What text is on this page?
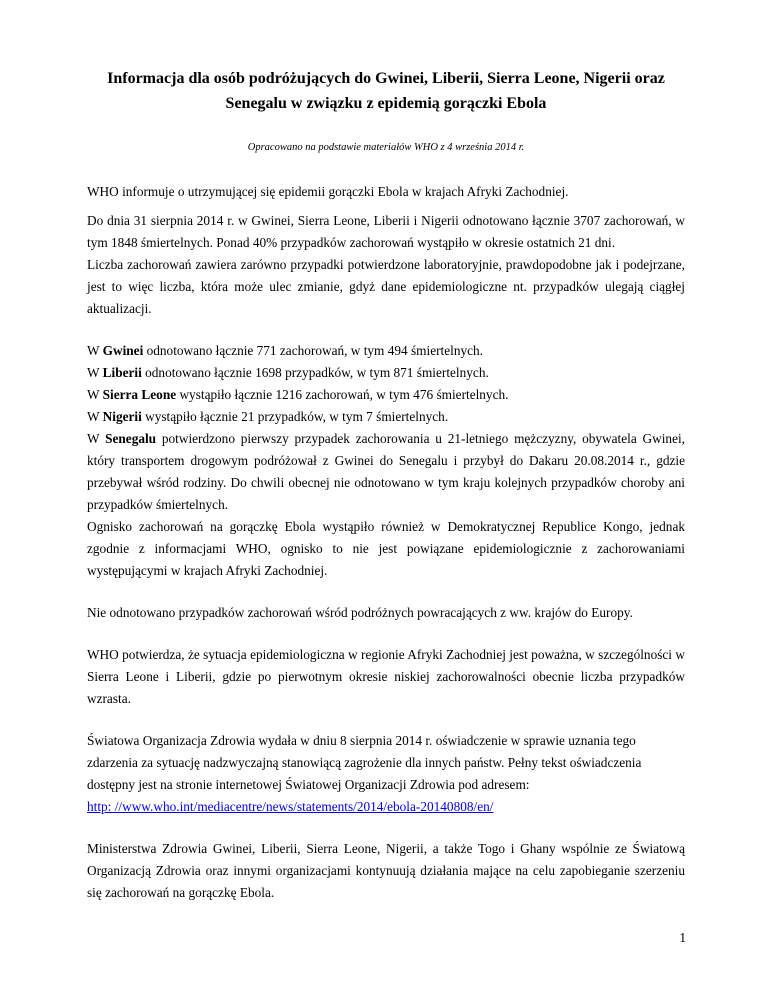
Informacja dla osób podróżujących do Gwinei, Liberii, Sierra Leone, Nigerii oraz
Senegalu w związku z epidemią gorączki Ebola

Opracowano na podstawie materiałów WHO z 4 września 2014 r.

WHO informuje o utrzymującej się epidemii gorączki Ebola w krajach Afryki Zachodniej.

Do dnia 31 sierpnia 2014 r. w Gwinei, Sierra Leone, Liberii i Nigerii odnotowano łącznie 3707 zachorowań, w tym 1848 śmiertelnych. Ponad 40% przypadków zachorowań wystąpiło w okresie ostatnich 21 dni.

Liczba zachorowań zawiera zarówno przypadki potwierdzone laboratoryjnie, prawdopodobne jak i podejrzane, jest to więc liczba, która może ulec zmianie, gdyż dane epidemiologiczne nt. przypadków ulegają ciągłej aktualizacji.

W Gwinei odnotowano łącznie 771 zachorowań, w tym 494 śmiertelnych.

W Liberii odnotowano łącznie 1698 przypadków, w tym 871 śmiertelnych.

W Sierra Leone wystąpiło łącznie 1216 zachorowań, w tym 476 śmiertelnych.

W Nigerii wystąpiło łącznie 21 przypadków, w tym 7 śmiertelnych.

W Senegalu potwierdzono pierwszy przypadek zachorowania u 21-letniego mężczyzny, obywatela Gwinei, który transportem drogowym podróżował z Gwinei do Senegalu i przybył do Dakaru 20.08.2014 r., gdzie przebywał wśród rodziny. Do chwili obecnej nie odnotowano w tym kraju kolejnych przypadków choroby ani przypadków śmiertelnych.

Ognisko zachorowań na gorączkę Ebola wystąpiło również w Demokratycznej Republice Kongo, jednak zgodnie z informacjami WHO, ognisko to nie jest powiązane epidemiologicznie z zachorowaniami występującymi w krajach Afryki Zachodniej.

Nie odnotowano przypadków zachorowań wśród podróżnych powracających z ww. krajów do Europy.

WHO potwierdza, że sytuacja epidemiologiczna w regionie Afryki Zachodniej jest poważna, w szczególności w Sierra Leone i Liberii, gdzie po pierwotnym okresie niskiej zachorowalności obecnie liczba przypadków wzrasta.

Światowa Organizacja Zdrowia wydała w dniu 8 sierpnia 2014 r. oświadczenie w sprawie uznania tego

zdarzenia za sytuację nadzwyczajną stanowiącą zagrożenie dla innych państw. Pełny tekst oświadczenia

dostępny jest na stronie internetowej Światowej Organizacji Zdrowia pod adresem:

http: //www.who.int/mediacentre/news/statements/2014/ebola-20140808/en/

Ministerstwa Zdrowia Gwinei, Liberii, Sierra Leone, Nigerii, a także Togo i Ghany wspólnie ze Światową Organizacją Zdrowia oraz innymi organizacjami kontynuują działania mające na celu zapobieganie szerzeniu się zachorowań na gorączkę Ebola.

1
